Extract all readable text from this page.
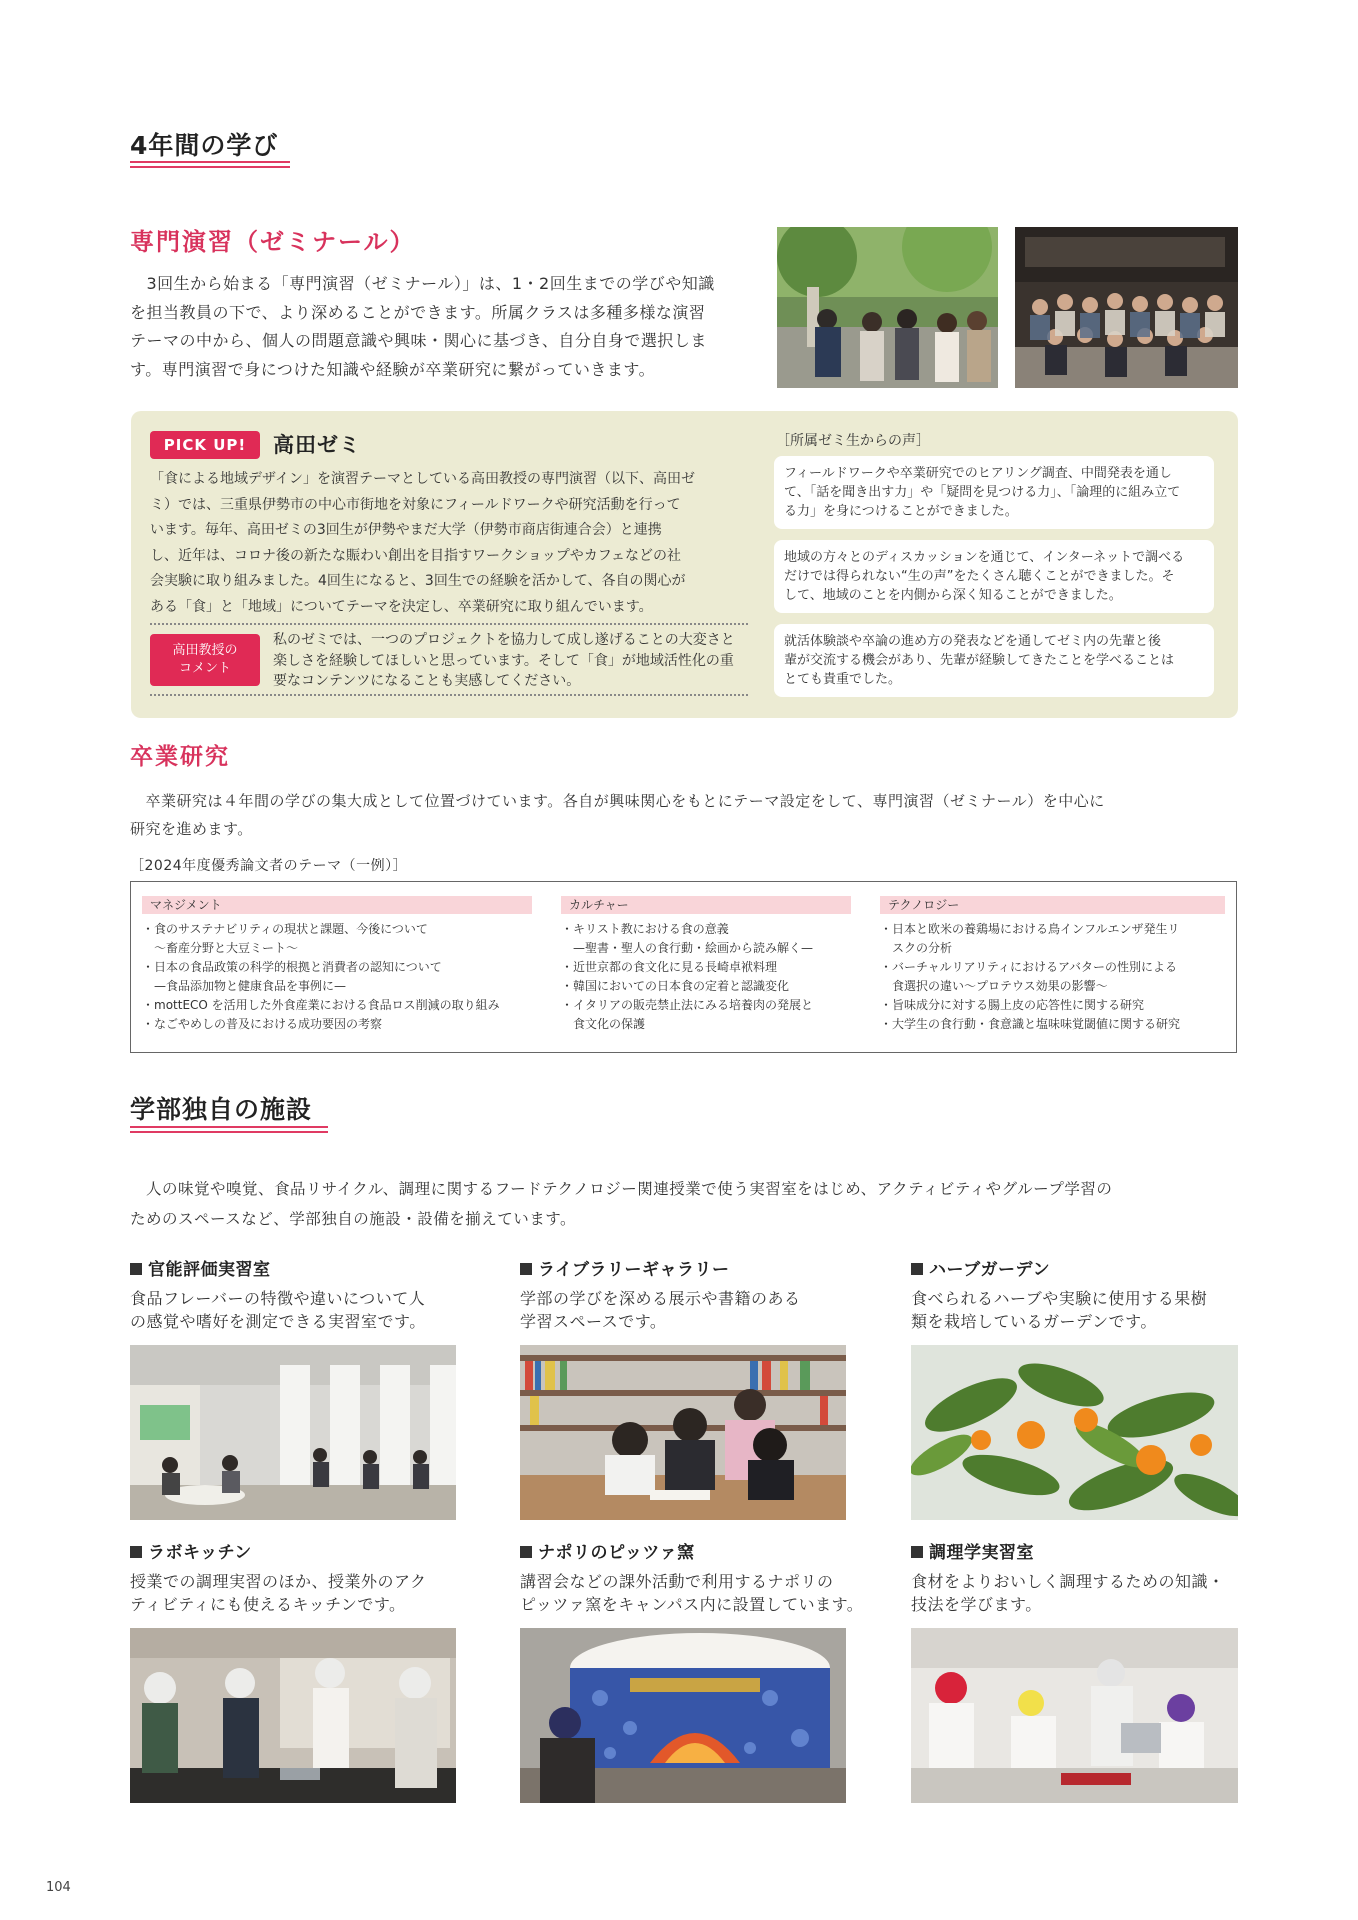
4年間の学び
専門演習（ゼミナール）
　3回生から始まる「専門演習（ゼミナール）」は、1・2回生までの学びや知識
を担当教員の下で、より深めることができます。所属クラスは多種多様な演習
テーマの中から、個人の問題意識や興味・関心に基づき、自分自身で選択しま
す。専門演習で身につけた知識や経験が卒業研究に繋がっていきます。
PICK UP!	高田ゼミ
「食による地域デザイン」を演習テーマとしている高田教授の専門演習（以下、高田ゼ
ミ）では、三重県伊勢市の中心市街地を対象にフィールドワークや研究活動を行って
います。毎年、高田ゼミの3回生が伊勢やまだ大学（伊勢市商店街連合会）と連携
し、近年は、コロナ後の新たな賑わい創出を目指すワークショップやカフェなどの社
会実験に取り組みました。4回生になると、3回生での経験を活かして、各自の関心が
ある「食」と「地域」についてテーマを決定し、卒業研究に取り組んでいます。
高田教授の
コメント
私のゼミでは、一つのプロジェクトを協力して成し遂げることの大変さと
楽しさを経験してほしいと思っています。そして「食」が地域活性化の重
要なコンテンツになることも実感してください。
［所属ゼミ生からの声］
フィールドワークや卒業研究でのヒアリング調査、中間発表を通し
て、「話を聞き出す力」や「疑問を見つける力」、「論理的に組み立て
る力」を身につけることができました。
地域の方々とのディスカッションを通じて、インターネットで調べる
だけでは得られない“生の声”をたくさん聴くことができました。そ
して、地域のことを内側から深く知ることができました。
就活体験談や卒論の進め方の発表などを通してゼミ内の先輩と後
輩が交流する機会があり、先輩が経験してきたことを学べることは
とても貴重でした。
卒業研究
　卒業研究は４年間の学びの集大成として位置づけています。各自が興味関心をもとにテーマ設定をして、専門演習（ゼミナール）を中心に
研究を進めます。
［2024年度優秀論文者のテーマ（一例）］
マネジメント
・ 食のサステナビリティの現状と課題、今後について
〜畜産分野と大豆ミート〜
・ 日本の食品政策の科学的根拠と消費者の認知について
—食品添加物と健康食品を事例に—
・ mottECO を活用した外食産業における食品ロス削減の取り組み
・ なごやめしの普及における成功要因の考察
カルチャー
・ キリスト教における食の意義
—聖書・聖人の食行動・絵画から読み解く—
・ 近世京都の食文化に見る長崎卓袱料理
・ 韓国においての日本食の定着と認識変化
・ イタリアの販売禁止法にみる培養肉の発展と
食文化の保護
テクノロジー
・ 日本と欧米の養鶏場における鳥インフルエンザ発生リ
スクの分析
・ バーチャルリアリティにおけるアバターの性別による
食選択の違い〜プロテウス効果の影響〜
・ 旨味成分に対する腸上皮の応答性に関する研究
・ 大学生の食行動・食意識と塩味味覚閾値に関する研究
学部独自の施設
　人の味覚や嗅覚、食品リサイクル、調理に関するフードテクノロジー関連授業で使う実習室をはじめ、アクティビティやグループ学習の
ためのスペースなど、学部独自の施設・設備を揃えています。
官能評価実習室
食品フレーバーの特徴や違いについて人
の感覚や嗜好を測定できる実習室です。
ライブラリーギャラリー
学部の学びを深める展示や書籍のある
学習スペースです。
ハーブガーデン
食べられるハーブや実験に使用する果樹
類を栽培しているガーデンです。
ラボキッチン
授業での調理実習のほか、授業外のアク
ティビティにも使えるキッチンです。
ナポリのピッツァ窯
講習会などの課外活動で利用するナポリの
ピッツァ窯をキャンパス内に設置しています。
調理学実習室
食材をよりおいしく調理するための知識・
技法を学びます。
104
